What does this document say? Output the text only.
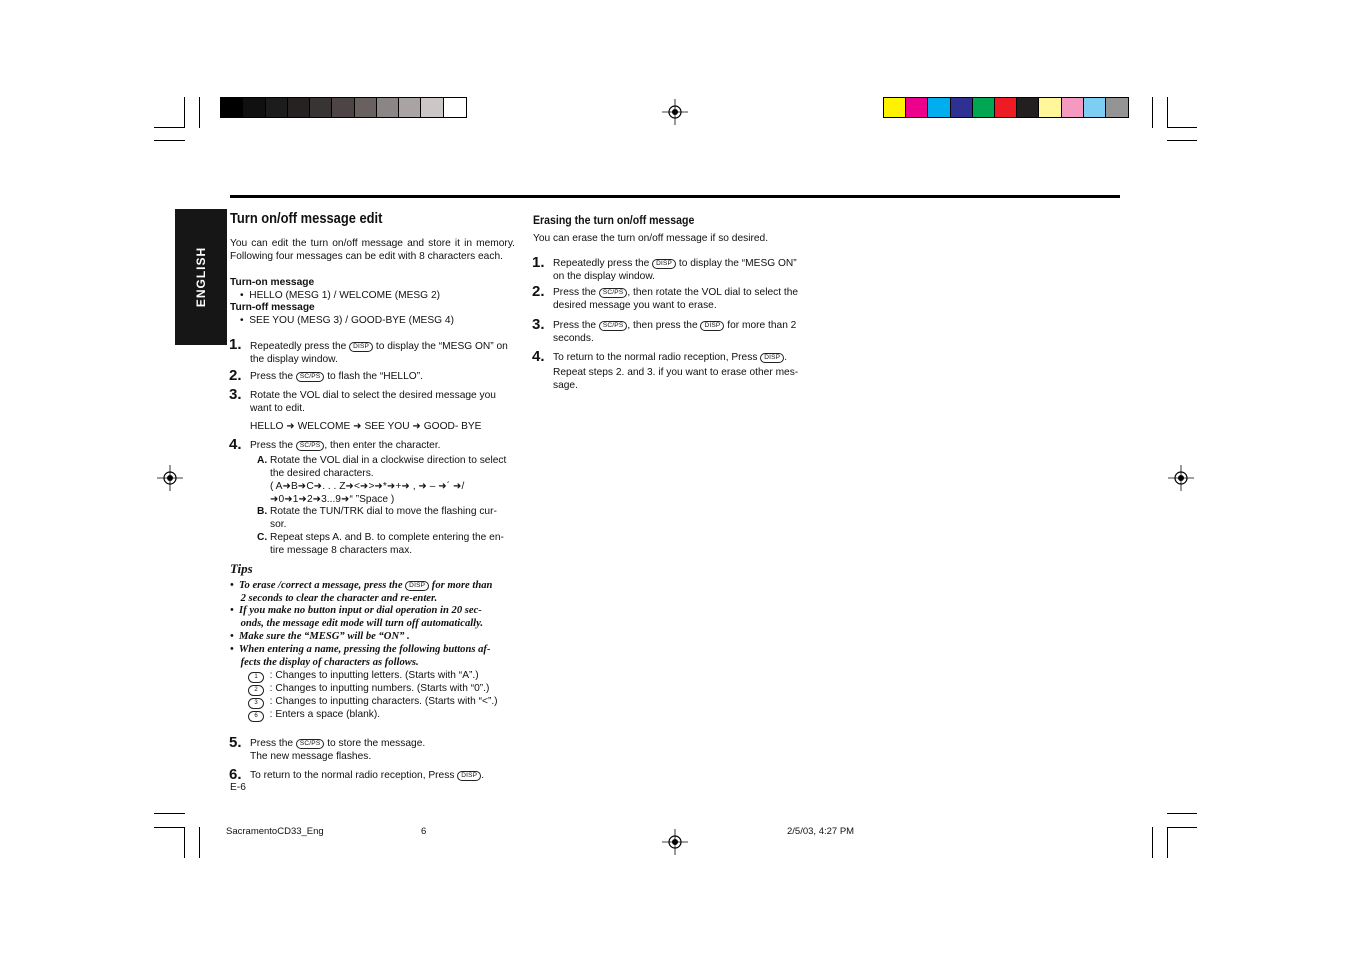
ENGLISH
Turn on/off message edit
You can edit the turn on/off message and store it in memory. Following four messages can be edit with 8 characters each.
Turn-on message
•  HELLO (MESG 1) / WELCOME (MESG 2)
Turn-off message
•  SEE YOU (MESG 3) / GOOD-BYE (MESG 4)
1. Repeatedly press the DISP to display the “MESG ON” on
the display window.
2. Press the SC/PS to flash the “HELLO”.
3. Rotate the VOL dial to select the desired message you
want to edit.
HELLO ➜ WELCOME ➜ SEE YOU ➜ GOOD- BYE
4. Press the SC/PS , then enter the character.
A. Rotate the VOL dial in a clockwise direction to select
the desired characters.
( A➜B➜C➜. . . Z➜<➜>➜*➜+➜ , ➜ – ➜´ ➜/
➜0➜1➜2➜3...9➜“ ”Space )
B. Rotate the TUN/TRK dial to move the flashing cur-
sor.
C. Repeat steps A. and B. to complete entering the en-
tire message 8 characters max.
Tips
•  To erase /correct a message, press the DISP for more than
2 seconds to clear the character and re-enter.
•  If you make no button input or dial operation in 20 sec-
onds, the message edit mode will turn off automatically.
•  Make sure the “MESG” will be “ON” .
•  When entering a name, pressing the following buttons af-
fects the display of characters as follows.
1 : Changes to inputting letters. (Starts with “A”.)
2 : Changes to inputting numbers. (Starts with “0”.)
3 : Changes to inputting characters. (Starts with “<”.)
6 : Enters a space (blank).
5. Press the SC/PS to store the message.
The new message flashes.
6. To return to the normal radio reception, Press DISP .
E-6
Erasing the turn on/off message
You can erase the turn on/off message if so desired.
1. Repeatedly press the DISP to display the “MESG ON”
on the display window.
2. Press the SC/PS , then rotate the VOL dial to select the
desired message you want to erase.
3. Press the SC/PS , then press the DISP for more than 2
seconds.
4. To return to the normal radio reception, Press DISP .
Repeat steps 2. and 3. if you want to erase other mes-
sage.
SacramentoCD33_Eng	6	2/5/03, 4:27 PM
